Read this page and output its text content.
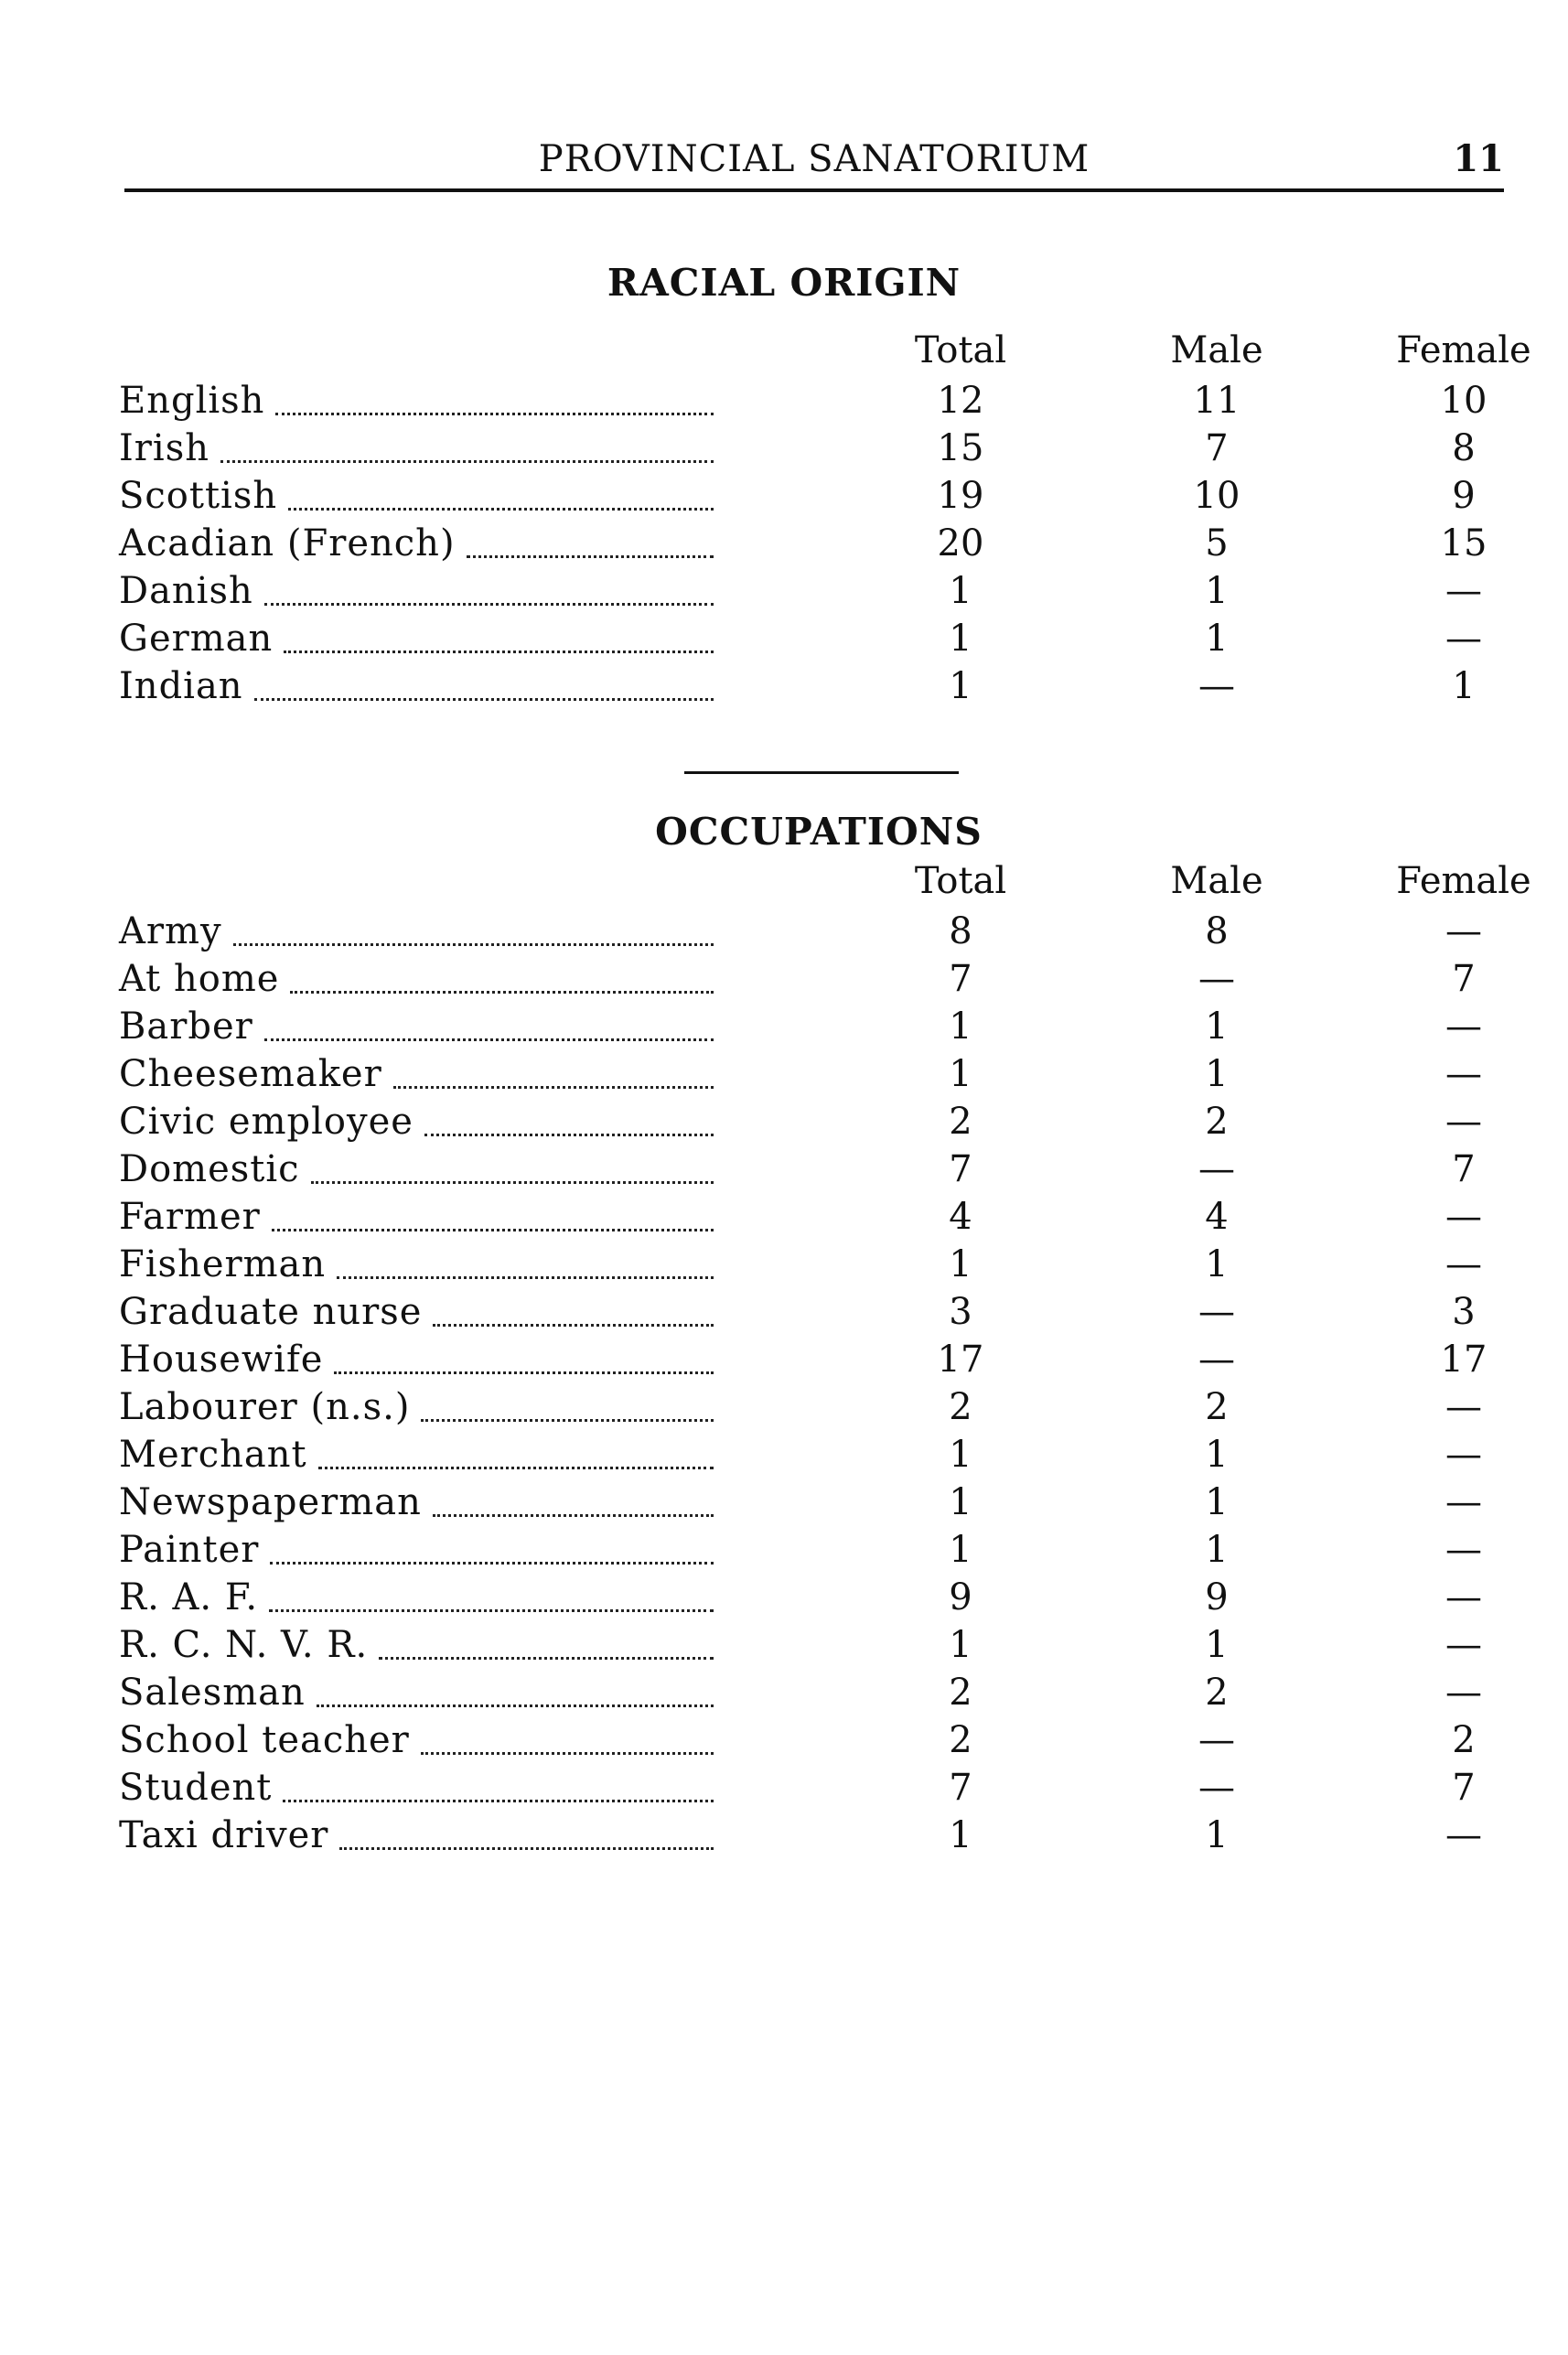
PROVINCIAL SANATORIUM	11
RACIAL ORIGIN
Total	Male	Female
English	12	11	10
Irish	15	7	8
Scottish	19	10	9
Acadian (French)	20	5	15
Danish	1	1	—
German	1	1	—
Indian	1	—	1
OCCUPATIONS
Total	Male	Female
Army	8	8	—
At home	7	—	7
Barber	1	1	—
Cheesemaker	1	1	—
Civic employee	2	2	—
Domestic	7	—	7
Farmer	4	4	—
Fisherman	1	1	—
Graduate nurse	3	—	3
Housewife	17	—	17
Labourer (n.s.)	2	2	—
Merchant	1	1	—
Newspaperman	1	1	—
Painter	1	1	—
R. A. F.	9	9	—
R. C. N. V. R.	1	1	—
Salesman	2	2	—
School teacher	2	—	2
Student	7	—	7
Taxi driver	1	1	—
